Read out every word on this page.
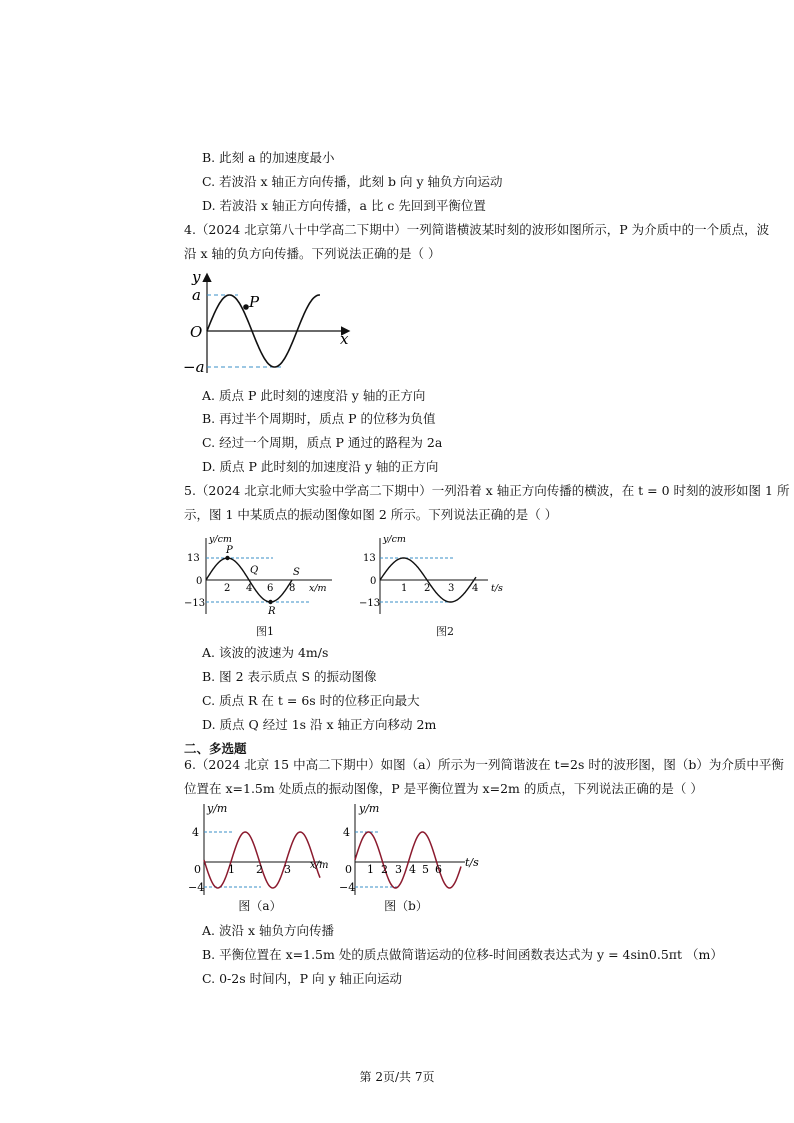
B. 此刻 a 的加速度最小
C. 若波沿 x 轴正方向传播，此刻 b 向 y 轴负方向运动
D. 若波沿 x 轴正方向传播，a 比 c 先回到平衡位置
4.（2024 北京第八十中学高二下期中）一列简谐横波某时刻的波形如图所示，P 为介质中的一个质点，波
沿 x 轴的负方向传播。下列说法正确的是（ ）
P
y
x
O
a
−a
A. 质点 P 此时刻的速度沿 y 轴的正方向
B. 再过半个周期时，质点 P 的位移为负值
C. 经过一个周期，质点 P 通过的路程为 2a
D. 质点 P 此时刻的加速度沿 y 轴的正方向
5.（2024 北京北师大实验中学高二下期中）一列沿着 x 轴正方向传播的横波，在 t = 0 时刻的波形如图 1 所
示，图 1 中某质点的振动图像如图 2 所示。下列说法正确的是（ ）
y/cm
x/m
13
0
−13
2 4 6 8
P
Q
R
S
图1
y/cm
t/s
13
0
−13
1 2 3 4
图2
A. 该波的波速为 4m/s
B. 图 2 表示质点 S 的振动图像
C. 质点 R 在 t = 6s 时的位移正向最大
D. 质点 Q 经过 1s 沿 x 轴正方向移动 2m
二、多选题
6.（2024 北京 15 中高二下期中）如图（a）所示为一列简谐波在 t=2s 时的波形图，图（b）为介质中平衡
位置在 x=1.5m 处质点的振动图像，P 是平衡位置为 x=2m 的质点，下列说法正确的是（ ）
y/m
x/m
4
0
−4
1 2 3
图（a）
y/m
t/s
4
0
−4
1 2 3 4 5 6
图（b）
A. 波沿 x 轴负方向传播
B. 平衡位置在 x=1.5m 处的质点做简谐运动的位移-时间函数表达式为 y = 4sin0.5πt （m）
C. 0-2s 时间内，P 向 y 轴正向运动
第 2页/共 7页
